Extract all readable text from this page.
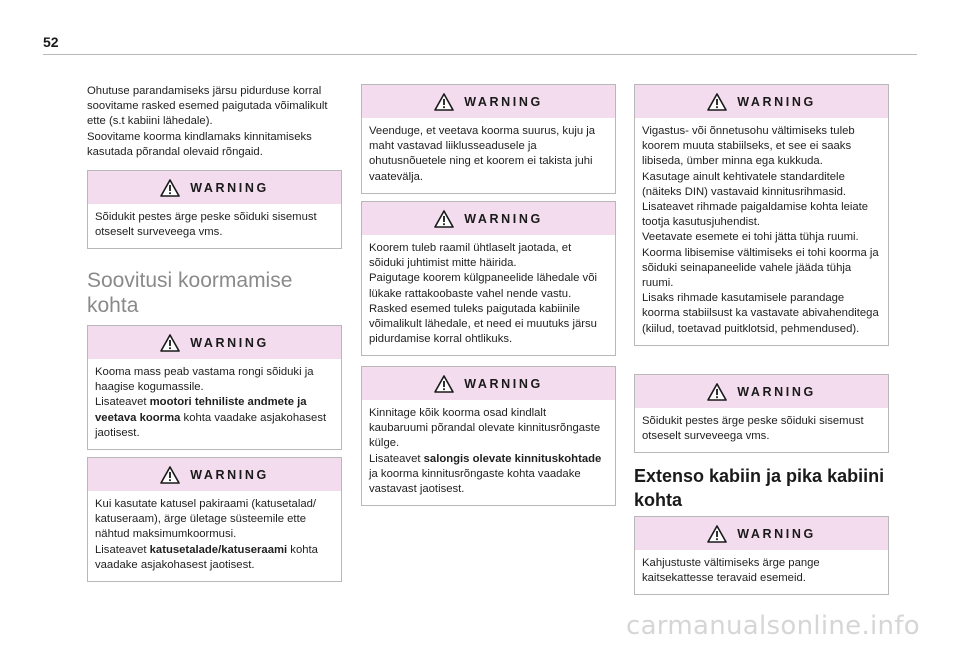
52

Ohutuse parandamiseks järsu pidurduse korral soovitame rasked esemed paigutada võimalikult ette (s.t kabiini lähedale).

Soovitame koorma kindlamaks kinnitamiseks kasutada põrandal olevaid rõngaid.

WARNING
Sõidukit pestes ärge peske sõiduki sisemust otseselt surveveega vms.
Soovitusi koormamise kohta
WARNING
Kooma mass peab vastama rongi sõiduki ja haagise kogumassile.
Lisateavet mootori tehniliste andmete ja veetava koorma kohta vaadake asjakohasest jaotisest.
WARNING
Kui kasutate katusel pakiraami (katusetalad/ katuseraam), ärge ületage süsteemile ette nähtud maksimumkoormusi.
Lisateavet katusetalade/katuseraami kohta vaadake asjakohasest jaotisest.
WARNING
Veenduge, et veetava koorma suurus, kuju ja maht vastavad liiklusseadusele ja ohutusnõuetele ning et koorem ei takista juhi vaatevälja.
WARNING
Koorem tuleb raamil ühtlaselt jaotada, et sõiduki juhtimist mitte häirida.
Paigutage koorem külgpaneelide lähedale või lükake rattakoobaste vahel nende vastu.
Rasked esemed tuleks paigutada kabiinile võimalikult lähedale, et need ei muutuks järsu pidurdamise korral ohtlikuks.
WARNING
Kinnitage kõik koorma osad kindlalt kaubaruumi põrandal olevate kinnitusrõngaste külge.
Lisateavet salongis olevate kinnituskohtade ja koorma kinnitusrõngaste kohta vaadake vastavast jaotisest.
WARNING
Vigastus- või õnnetusohu vältimiseks tuleb koorem muuta stabiilseks, et see ei saaks libiseda, ümber minna ega kukkuda.
Kasutage ainult kehtivatele standarditele (näiteks DIN) vastavaid kinnitusrihmasid.
Lisateavet rihmade paigaldamise kohta leiate tootja kasutusjuhendist.
Veetavate esemete ei tohi jätta tühja ruumi. Koorma libisemise vältimiseks ei tohi koorma ja sõiduki seinapaneelide vahele jääda tühja ruumi.
Lisaks rihmade kasutamisele parandage koorma stabiilsust ka vastavate abivahenditega (kiilud, toetavad puitklotsid, pehmendused).
WARNING
Sõidukit pestes ärge peske sõiduki sisemust otseselt surveveega vms.
Extenso kabiin ja pika kabiini kohta
WARNING
Kahjustuste vältimiseks ärge pange kaitsekattesse teravaid esemeid.
carmanualsonline.info
